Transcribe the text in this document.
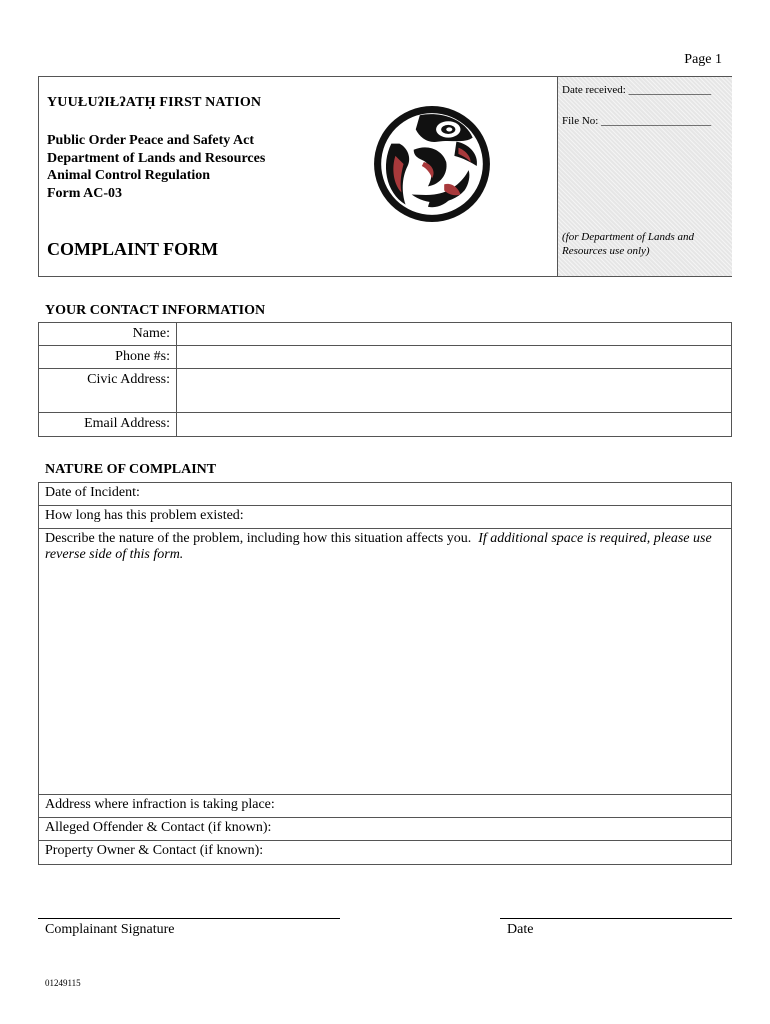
Page 1
YUUŁUʔIŁʔATḤ FIRST NATION
Public Order Peace and Safety Act
Department of Lands and Resources
Animal Control Regulation
Form AC-03
COMPLAINT FORM
Date received: _______________
File No: ____________________
(for Department of Lands and Resources use only)
YOUR CONTACT INFORMATION
Name:	
Phone #s:	
Civic Address:	
Email Address:	
NATURE OF COMPLAINT
Date of Incident:
How long has this problem existed:
Describe the nature of the problem, including how this situation affects you. If additional space is required, please use reverse side of this form.
Address where infraction is taking place:
Alleged Offender & Contact (if known):
Property Owner & Contact (if known):
Complainant Signature	Date
01249115
